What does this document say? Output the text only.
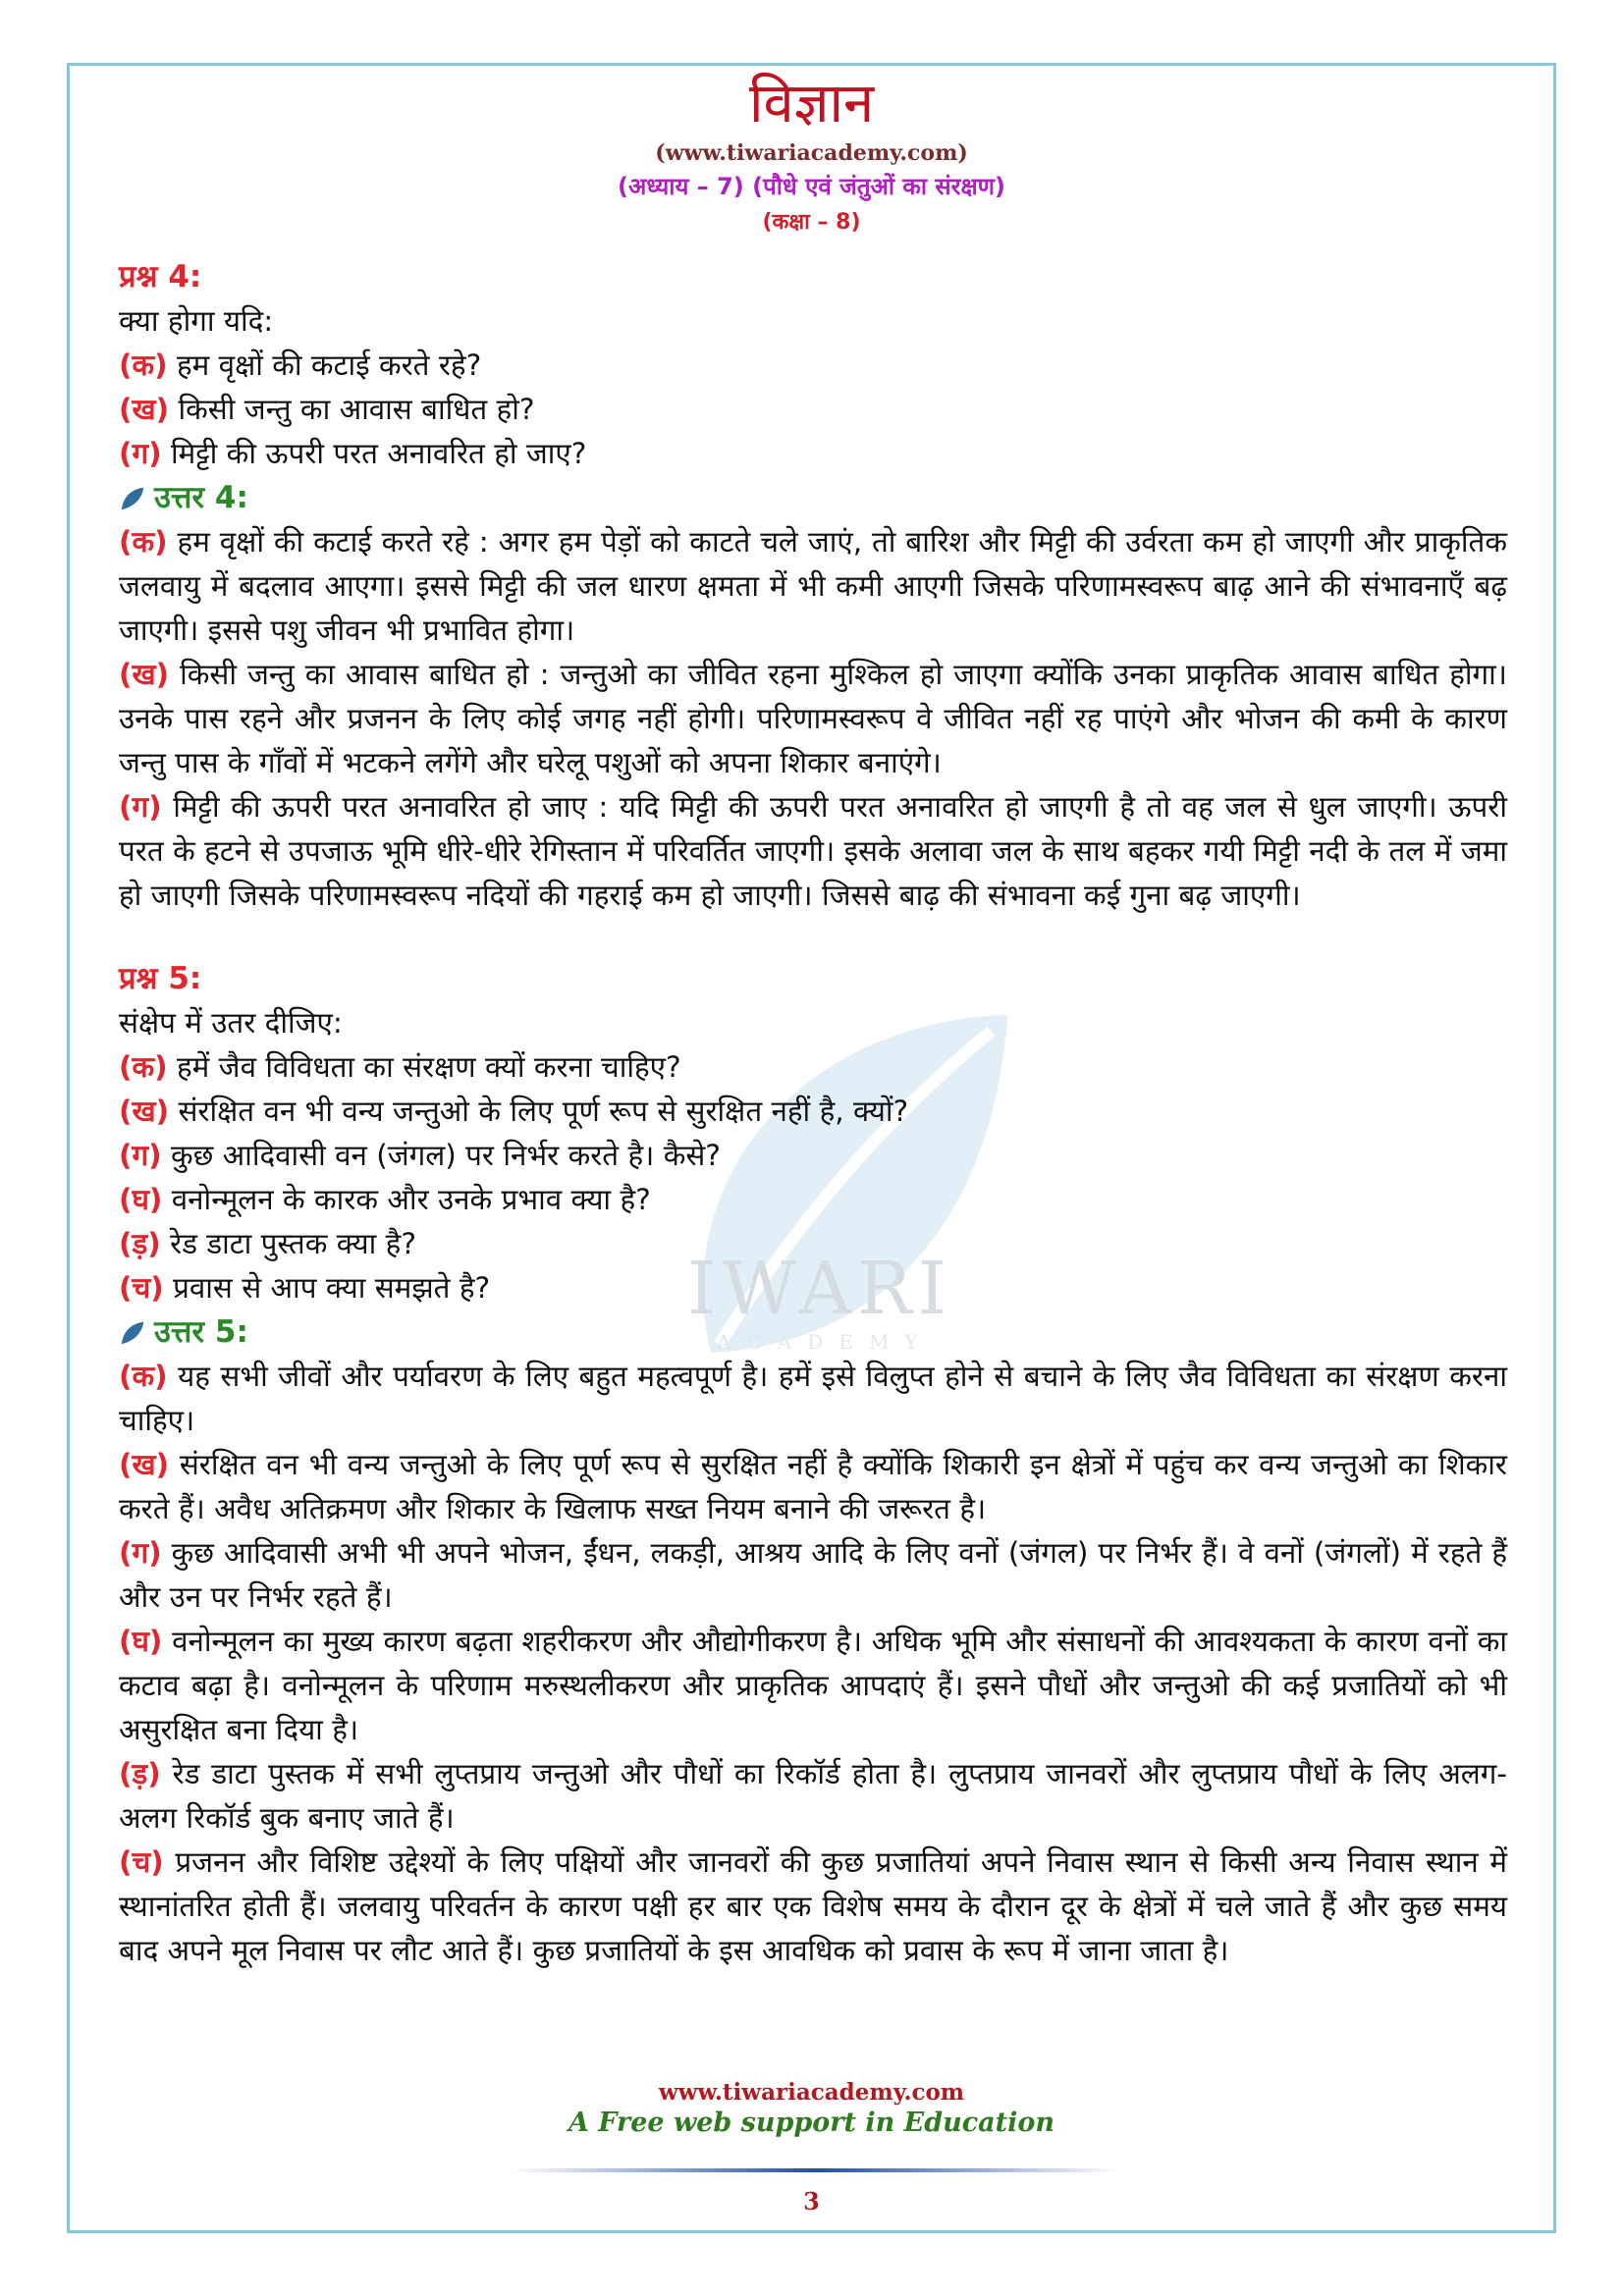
IWARI
ACADEMY
विज्ञान
(www.tiwariacademy.com)
(अध्याय – 7) (पौधे एवं जंतुओं का संरक्षण)
(कक्षा – 8)

प्रश्न 4:

क्या होगा यदि:

(क) हम वृक्षों की कटाई करते रहे?

(ख) किसी जन्तु का आवास बाधित हो?

(ग) मिट्टी की ऊपरी परत अनावरित हो जाए?

उत्तर 4:

(क) हम वृक्षों की कटाई करते रहे : अगर हम पेड़ों को काटते चले जाएं, तो बारिश और मिट्टी की उर्वरता कम हो जाएगी और प्राकृतिक जलवायु में बदलाव आएगा। इससे मिट्टी की जल धारण क्षमता में भी कमी आएगी जिसके परिणामस्वरूप बाढ़ आने की संभावनाएँ बढ़ जाएगी। इससे पशु जीवन भी प्रभावित होगा।

(ख) किसी जन्तु का आवास बाधित हो : जन्तुओ का जीवित रहना मुश्किल हो जाएगा क्योंकि उनका प्राकृतिक आवास बाधित होगा। उनके पास रहने और प्रजनन के लिए कोई जगह नहीं होगी। परिणामस्वरूप वे जीवित नहीं रह पाएंगे और भोजन की कमी के कारण जन्तु पास के गाँवों में भटकने लगेंगे और घरेलू पशुओं को अपना शिकार बनाएंगे।

(ग) मिट्टी की ऊपरी परत अनावरित हो जाए : यदि मिट्टी की ऊपरी परत अनावरित हो जाएगी है तो वह जल से धुल जाएगी। ऊपरी परत के हटने से उपजाऊ भूमि धीरे-धीरे रेगिस्तान में परिवर्तित जाएगी। इसके अलावा जल के साथ बहकर गयी मिट्टी नदी के तल में जमा हो जाएगी जिसके परिणामस्वरूप नदियों की गहराई कम हो जाएगी। जिससे बाढ़ की संभावना कई गुना बढ़ जाएगी।

प्रश्न 5:

संक्षेप में उतर दीजिए:

(क) हमें जैव विविधता का संरक्षण क्यों करना चाहिए?

(ख) संरक्षित वन भी वन्य जन्तुओ के लिए पूर्ण रूप से सुरक्षित नहीं है, क्यों?

(ग) कुछ आदिवासी वन (जंगल) पर निर्भर करते है। कैसे?

(घ) वनोन्मूलन के कारक और उनके प्रभाव क्या है?

(ड़) रेड डाटा पुस्तक क्या है?

(च) प्रवास से आप क्या समझते है?

उत्तर 5:

(क) यह सभी जीवों और पर्यावरण के लिए बहुत महत्वपूर्ण है। हमें इसे विलुप्त होने से बचाने के लिए जैव विविधता का संरक्षण करना चाहिए।

(ख) संरक्षित वन भी वन्य जन्तुओ के लिए पूर्ण रूप से सुरक्षित नहीं है क्योंकि शिकारी इन क्षेत्रों में पहुंच कर वन्य जन्तुओ का शिकार करते हैं। अवैध अतिक्रमण और शिकार के खिलाफ सख्त नियम बनाने की जरूरत है।

(ग) कुछ आदिवासी अभी भी अपने भोजन, ईंधन, लकड़ी, आश्रय आदि के लिए वनों (जंगल) पर निर्भर हैं। वे वनों (जंगलों) में रहते हैं और उन पर निर्भर रहते हैं।

(घ) वनोन्मूलन का मुख्य कारण बढ़ता शहरीकरण और औद्योगीकरण है। अधिक भूमि और संसाधनों की आवश्यकता के कारण वनों का कटाव बढ़ा है। वनोन्मूलन के परिणाम मरुस्थलीकरण और प्राकृतिक आपदाएं हैं। इसने पौधों और जन्तुओ की कई प्रजातियों को भी असुरक्षित बना दिया है।

(ड़) रेड डाटा पुस्तक में सभी लुप्तप्राय जन्तुओ और पौधों का रिकॉर्ड होता है। लुप्तप्राय जानवरों और लुप्तप्राय पौधों के लिए अलग-अलग रिकॉर्ड बुक बनाए जाते हैं।

(च) प्रजनन और विशिष्ट उद्देश्यों के लिए पक्षियों और जानवरों की कुछ प्रजातियां अपने निवास स्थान से किसी अन्य निवास स्थान में स्थानांतरित होती हैं। जलवायु परिवर्तन के कारण पक्षी हर बार एक विशेष समय के दौरान दूर के क्षेत्रों में चले जाते हैं और कुछ समय बाद अपने मूल निवास पर लौट आते हैं। कुछ प्रजातियों के इस आवधिक को प्रवास के रूप में जाना जाता है।

www.tiwariacademy.com
A Free web support in Education
3
